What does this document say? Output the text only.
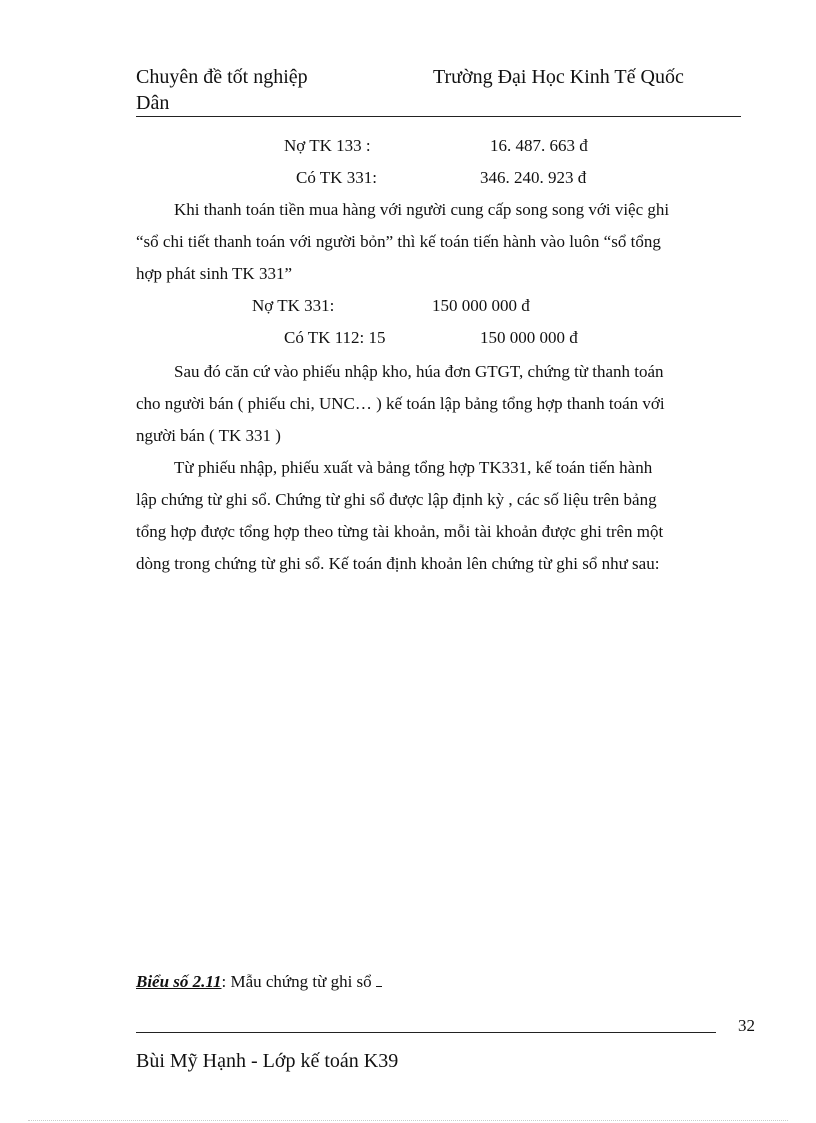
Chuyên đề tốt nghiệp	Trường Đại Học Kinh Tế Quốc
Dân
Nợ TK 133 :	16. 487. 663 đ
Có TK 331:	346. 240. 923 đ
Khi thanh toán tiền mua hàng với người cung cấp song song với việc ghi
“sổ chi tiết thanh toán với người bỏn” thì kế toán tiến hành vào luôn “sổ tổng
hợp phát sinh TK 331”
Nợ TK 331:	150 000 000 đ
Có TK 112: 15	150 000 000 đ
Sau đó căn cứ vào phiếu nhập kho, húa đơn GTGT, chứng từ thanh toán
cho người bán ( phiếu chi, UNC… ) kế toán lập bảng tổng hợp thanh toán với
người bán ( TK 331 )
Từ phiếu nhập, phiếu xuất và bảng tổng hợp TK331, kế toán tiến hành
lập chứng từ ghi sổ. Chứng từ ghi sổ được lập định kỳ , các số liệu trên bảng
tổng hợp được tổng hợp theo từng tài khoản, mỗi tài khoản được ghi trên một
dòng trong chứng từ ghi sổ. Kế toán định khoản lên chứng từ ghi sổ như sau:
Biểu số 2.11: Mẫu chứng từ ghi sổ
32
Bùi Mỹ Hạnh - Lớp kế toán K39
